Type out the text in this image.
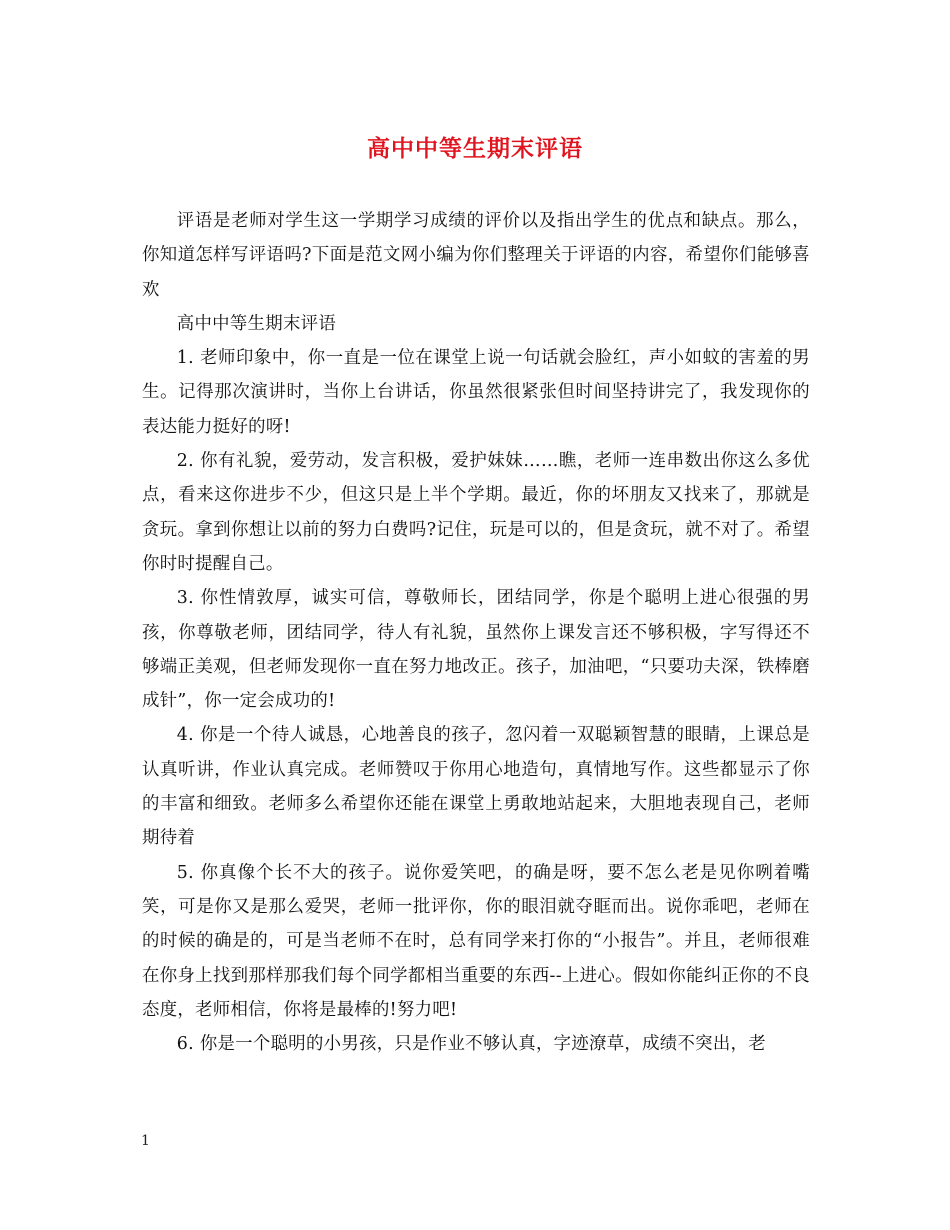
高中中等生期末评语

评语是老师对学生这一学期学习成绩的评价以及指出学生的优点和缺点。那么，你知道怎样写评语吗?下面是范文网小编为你们整理关于评语的内容，希望你们能够喜欢

高中中等生期末评语

1. 老师印象中，你一直是一位在课堂上说一句话就会脸红，声小如蚊的害羞的男生。记得那次演讲时，当你上台讲话，你虽然很紧张但时间坚持讲完了，我发现你的表达能力挺好的呀!

2. 你有礼貌，爱劳动，发言积极，爱护妹妹……瞧，老师一连串数出你这么多优点，看来这你进步不少，但这只是上半个学期。最近，你的坏朋友又找来了，那就是贪玩。拿到你想让以前的努力白费吗?记住，玩是可以的，但是贪玩，就不对了。希望你时时提醒自己。

3. 你性情敦厚，诚实可信，尊敬师长，团结同学，你是个聪明上进心很强的男孩，你尊敬老师，团结同学，待人有礼貌，虽然你上课发言还不够积极，字写得还不够端正美观，但老师发现你一直在努力地改正。孩子，加油吧，“只要功夫深，铁棒磨成针”，你一定会成功的!

4. 你是一个待人诚恳，心地善良的孩子，忽闪着一双聪颖智慧的眼睛，上课总是认真听讲，作业认真完成。老师赞叹于你用心地造句，真情地写作。这些都显示了你的丰富和细致。老师多么希望你还能在课堂上勇敢地站起来，大胆地表现自己，老师期待着

5. 你真像个长不大的孩子。说你爱笑吧，的确是呀，要不怎么老是见你咧着嘴笑，可是你又是那么爱哭，老师一批评你，你的眼泪就夺眶而出。说你乖吧，老师在的时候的确是的，可是当老师不在时，总有同学来打你的“小报告”。并且，老师很难在你身上找到那样那我们每个同学都相当重要的东西--上进心。假如你能纠正你的不良态度，老师相信，你将是最棒的!努力吧!

6. 你是一个聪明的小男孩，只是作业不够认真，字迹潦草，成绩不突出，老

1
